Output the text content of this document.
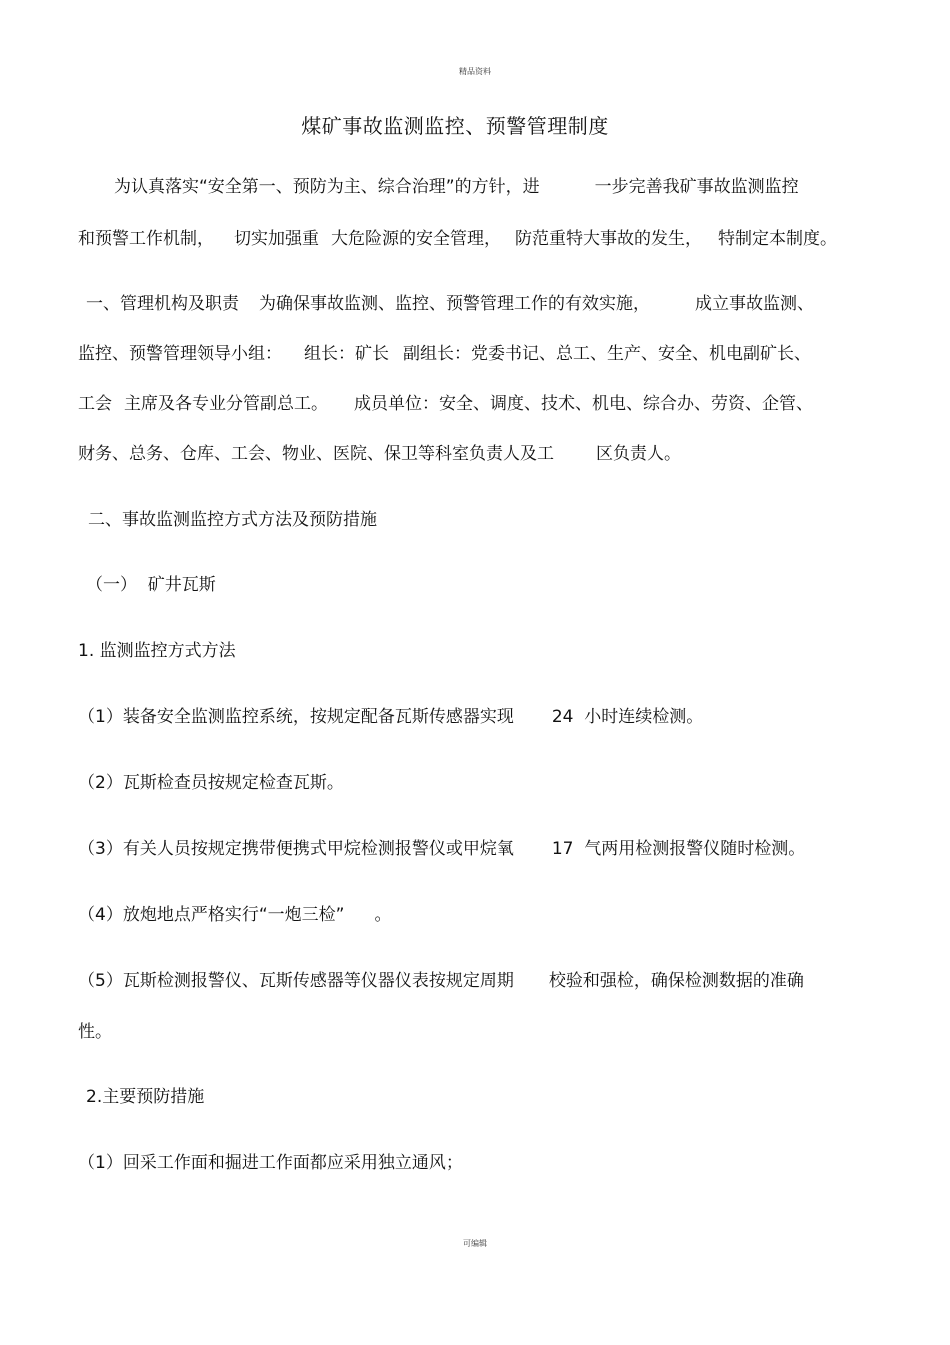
精品资料
煤矿事故监测监控、预警管理制度
为认真落实“安全第一、预防为主、综合治理”的方针，进	一步完善我矿事故监测监控
和预警工作机制， 切实加强重 大危险源的安全管理， 防范重特大事故的发生， 特制定本制度。
一、管理机构及职责 为确保事故监测、监控、预警管理工作的有效实施，	成立事故监测、
监控、预警管理领导小组： 组长：矿长 副组长：党委书记、总工、生产、安全、机电副矿长、
工会 主席及各专业分管副总工。 成员单位：安全、调度、技术、机电、综合办、劳资、企管、
财务、总务、仓库、工会、物业、医院、保卫等科室负责人及工 区负责人。
二、事故监测监控方式方法及预防措施
（一）  矿井瓦斯
1. 监测监控方式方法
（1）装备安全监测监控系统，按规定配备瓦斯传感器实现 24  小时连续检测。
（2）瓦斯检查员按规定检查瓦斯。
（3）有关人员按规定携带便携式甲烷检测报警仪或甲烷氧 17  气两用检测报警仪随时检测。
（4）放炮地点严格实行“一炮三检” 。
（5）瓦斯检测报警仪、瓦斯传感器等仪器仪表按规定周期 校验和强检，确保检测数据的准确
性。
2.主要预防措施
（1）回采工作面和掘进工作面都应采用独立通风；
可编辑
